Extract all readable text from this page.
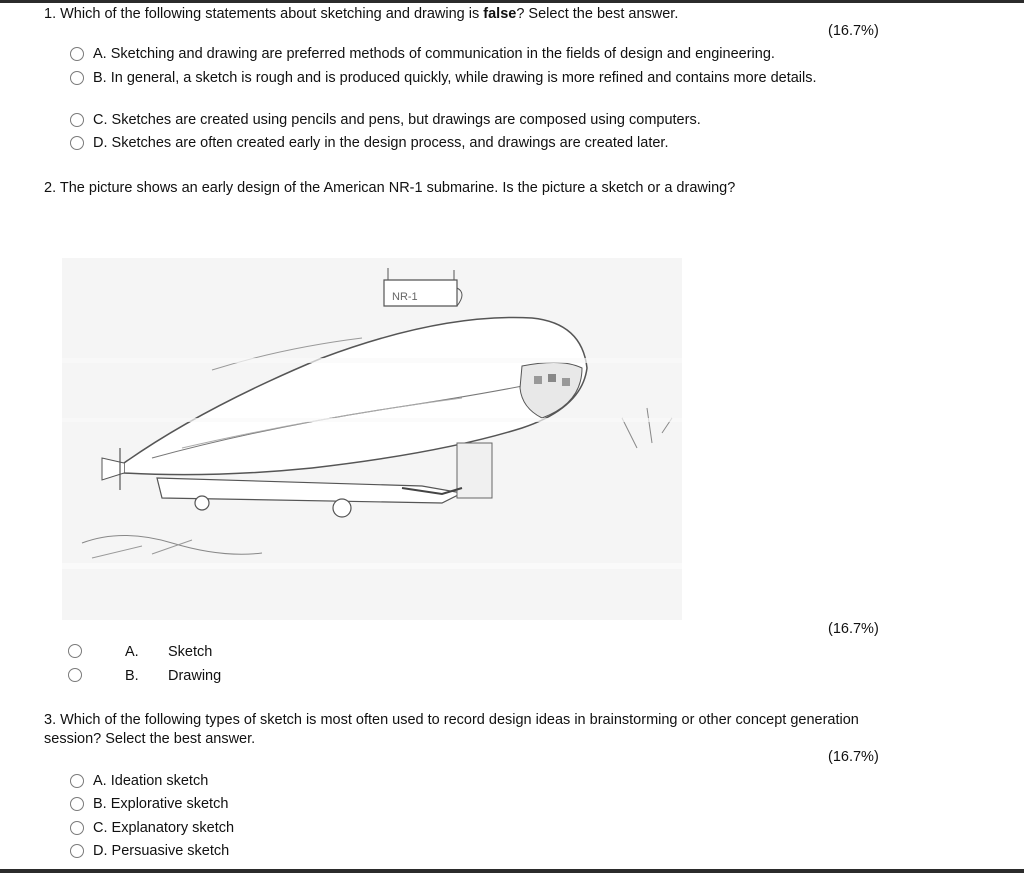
1. Which of the following statements about sketching and drawing is false? Select the best answer.
(16.7%)
A. Sketching and drawing are preferred methods of communication in the fields of design and engineering.
B. In general, a sketch is rough and is produced quickly, while drawing is more refined and contains more details.
C. Sketches are created using pencils and pens, but drawings are composed using computers.
D. Sketches are often created early in the design process, and drawings are created later.
2. The picture shows an early design of the American NR-1 submarine. Is the picture a sketch or a drawing?
NR-1
(16.7%)
A. Sketch
B. Drawing
3. Which of the following types of sketch is most often used to record design ideas in brainstorming or other concept generation session? Select the best answer.
(16.7%)
A. Ideation sketch
B. Explorative sketch
C. Explanatory sketch
D. Persuasive sketch
